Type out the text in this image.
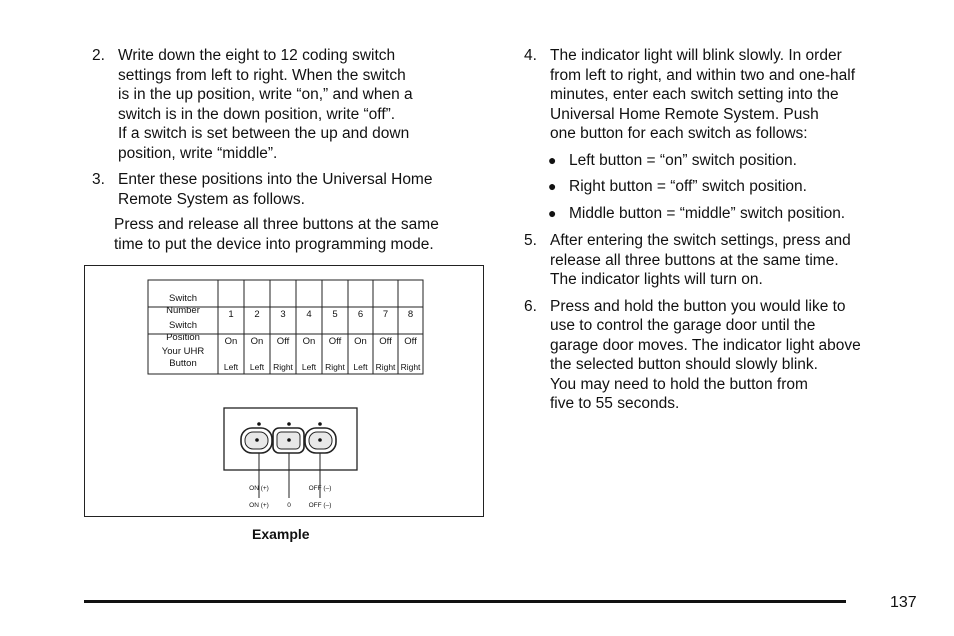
2. Write down the eight to 12 coding switch
settings from left to right. When the switch
is in the up position, write “on,” and when a
switch is in the down position, write “off”.
If a switch is set between the up and down
position, write “middle”.
3. Enter these positions into the Universal Home
Remote System as follows.
Press and release all three buttons at the same
time to put the device into programming mode.
Switch
Number
Switch
Position
Your UHR
Button
1 2 3 4 5 6 7 8
On On Off On Off On Off Off
Left Left Right Left Right Left Right Right
ON (+)
ON (+)	0
OFF (–)
OFF (–)
Example
4. The indicator light will blink slowly. In order
from left to right, and within two and one-half
minutes, enter each switch setting into the
Universal Home Remote System. Push
one button for each switch as follows:
● Left button = “on” switch position.
● Right button = “off” switch position.
● Middle button = “middle” switch position.
5. After entering the switch settings, press and
release all three buttons at the same time.
The indicator lights will turn on.
6. Press and hold the button you would like to
use to control the garage door until the
garage door moves. The indicator light above
the selected button should slowly blink.
You may need to hold the button from
five to 55 seconds.
137
